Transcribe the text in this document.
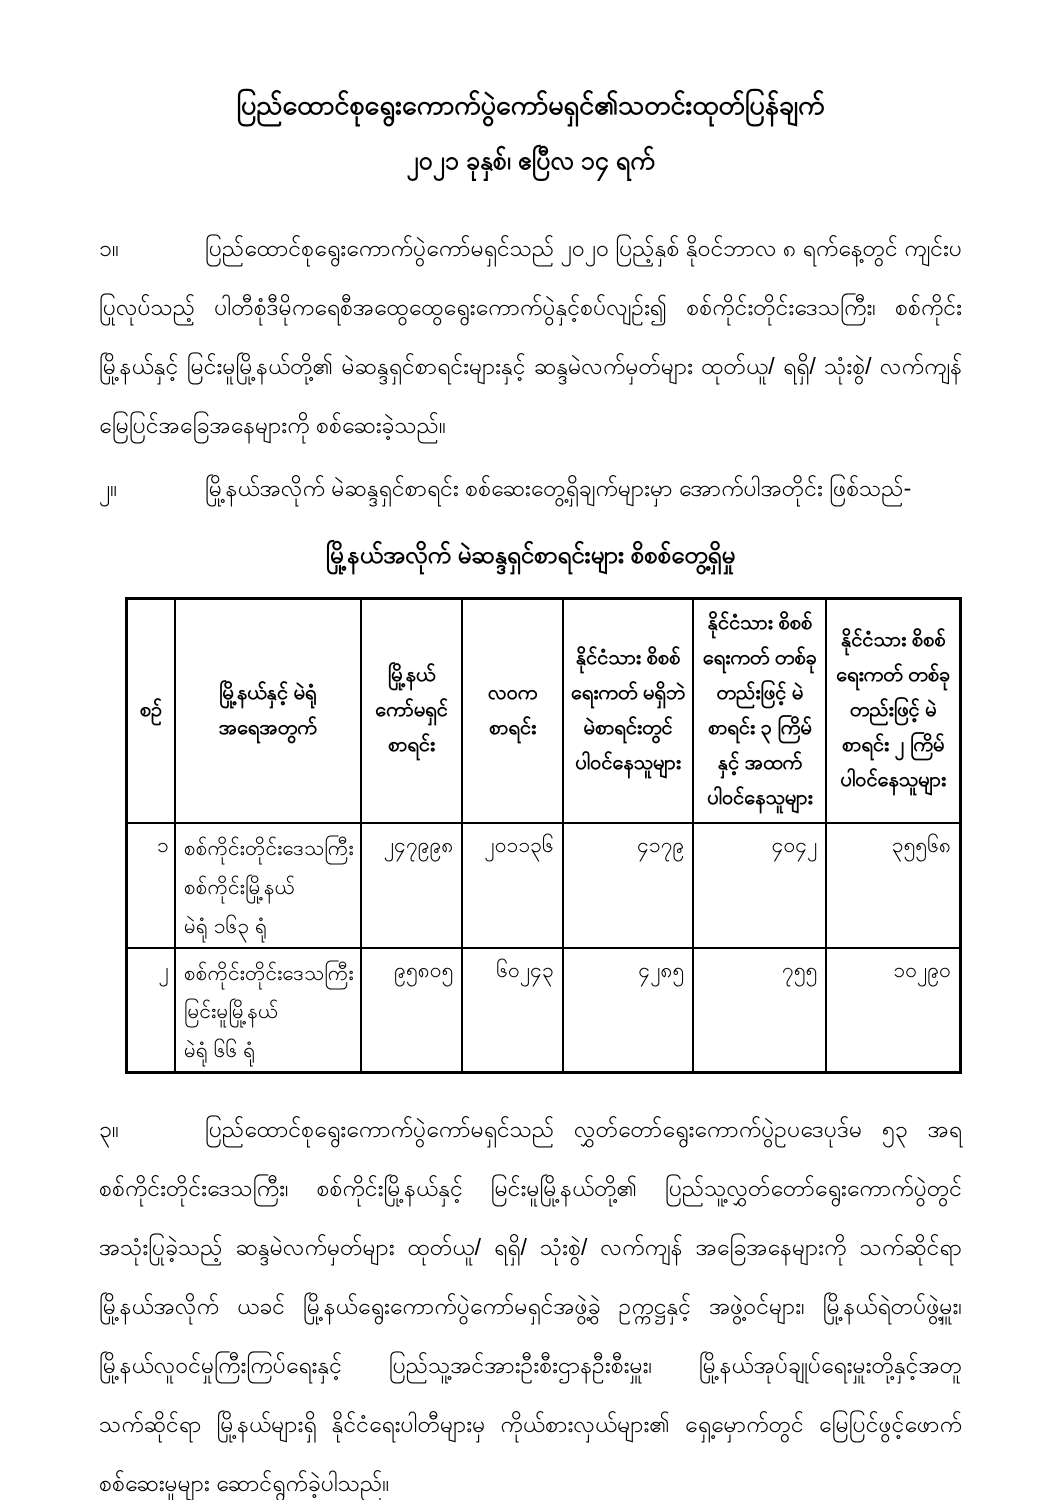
ပြည်ထောင်စုရွေးကောက်ပွဲကော်မရှင်၏သတင်းထုတ်ပြန်ချက်
၂၀၂၁ ခုနှစ်၊ ဧပြီလ ၁၄ ရက်
၁။	ပြည်ထောင်စုရွေးကောက်ပွဲကော်မရှင်သည် ၂၀၂၀ ပြည့်နှစ် နိုဝင်ဘာလ ၈ ရက်နေ့တွင် ကျင်းပပြုလုပ်သည့် ပါတီစုံဒီမိုကရေစီအထွေထွေရွေးကောက်ပွဲနှင့်စပ်လျဉ်း၍ စစ်ကိုင်းတိုင်းဒေသကြီး၊ စစ်ကိုင်းမြို့နယ်နှင့် မြင်းမူမြို့နယ်တို့၏ မဲဆန္ဒရှင်စာရင်းများနှင့် ဆန္ဒမဲလက်မှတ်များ ထုတ်ယူ/ ရရှိ/ သုံးစွဲ/ လက်ကျန် မြေပြင်အခြေအနေများကို စစ်ဆေးခဲ့သည်။
၂။	မြို့နယ်အလိုက် မဲဆန္ဒရှင်စာရင်း စစ်ဆေးတွေ့ရှိချက်များမှာ အောက်ပါအတိုင်း ဖြစ်သည်-
မြို့နယ်အလိုက် မဲဆန္ဒရှင်စာရင်းများ စိစစ်တွေ့ရှိမှု
စဉ်	မြို့နယ်နှင့် မဲရုံအရေအတွက်	မြို့နယ် ကော်မရှင် စာရင်း	လဝက စာရင်း	နိုင်ငံသား စိစစ်ရေးကတ် မရှိဘဲ မဲစာရင်းတွင် ပါဝင်နေသူများ	နိုင်ငံသား စိစစ်ရေးကတ် တစ်ခုတည်းဖြင့် မဲစာရင်း ၃ ကြိမ် နှင့် အထက် ပါဝင်နေသူများ	နိုင်ငံသား စိစစ်ရေးကတ် တစ်ခုတည်းဖြင့် မဲစာရင်း ၂ ကြိမ် ပါဝင်နေသူများ
၁	စစ်ကိုင်းတိုင်းဒေသကြီး
စစ်ကိုင်းမြို့နယ်
မဲရုံ ၁၆၃ ရုံ	၂၄၇၉၉၈	၂၀၁၁၃၆	၄၁၇၉	၄၀၄၂	၃၅၅၆၈
၂	စစ်ကိုင်းတိုင်းဒေသကြီး
မြင်းမူမြို့နယ်
မဲရုံ ၆၆ ရုံ	၉၅၈၀၅	၆၀၂၄၃	၄၂၈၅	၇၅၅	၁၀၂၉၀
၃။	ပြည်ထောင်စုရွေးကောက်ပွဲကော်မရှင်သည် လွှတ်တော်ရွေးကောက်ပွဲဥပဒေပုဒ်မ ၅၃ အရ စစ်ကိုင်းတိုင်းဒေသကြီး၊ စစ်ကိုင်းမြို့နယ်နှင့် မြင်းမူမြို့နယ်တို့၏ ပြည်သူ့လွှတ်တော်ရွေးကောက်ပွဲတွင် အသုံးပြုခဲ့သည့် ဆန္ဒမဲလက်မှတ်များ ထုတ်ယူ/ ရရှိ/ သုံးစွဲ/ လက်ကျန် အခြေအနေများကို သက်ဆိုင်ရာ မြို့နယ်အလိုက် ယခင် မြို့နယ်ရွေးကောက်ပွဲကော်မရှင်အဖွဲ့ခွဲ ဥက္ကဋ္ဌနှင့် အဖွဲ့ဝင်များ၊ မြို့နယ်ရဲတပ်ဖွဲ့မှူး၊ မြို့နယ်လူဝင်မှုကြီးကြပ်ရေးနှင့် ပြည်သူ့အင်အားဦးစီးဌာနဦးစီးမှူး၊ မြို့နယ်အုပ်ချုပ်ရေးမှူးတို့နှင့်အတူ သက်ဆိုင်ရာ မြို့နယ်များရှိ နိုင်ငံရေးပါတီများမှ ကိုယ်စားလှယ်များ၏ ရှေ့မှောက်တွင် မြေပြင်ဖွင့်ဖောက်စစ်ဆေးမှုများ ဆောင်ရွက်ခဲ့ပါသည်။
